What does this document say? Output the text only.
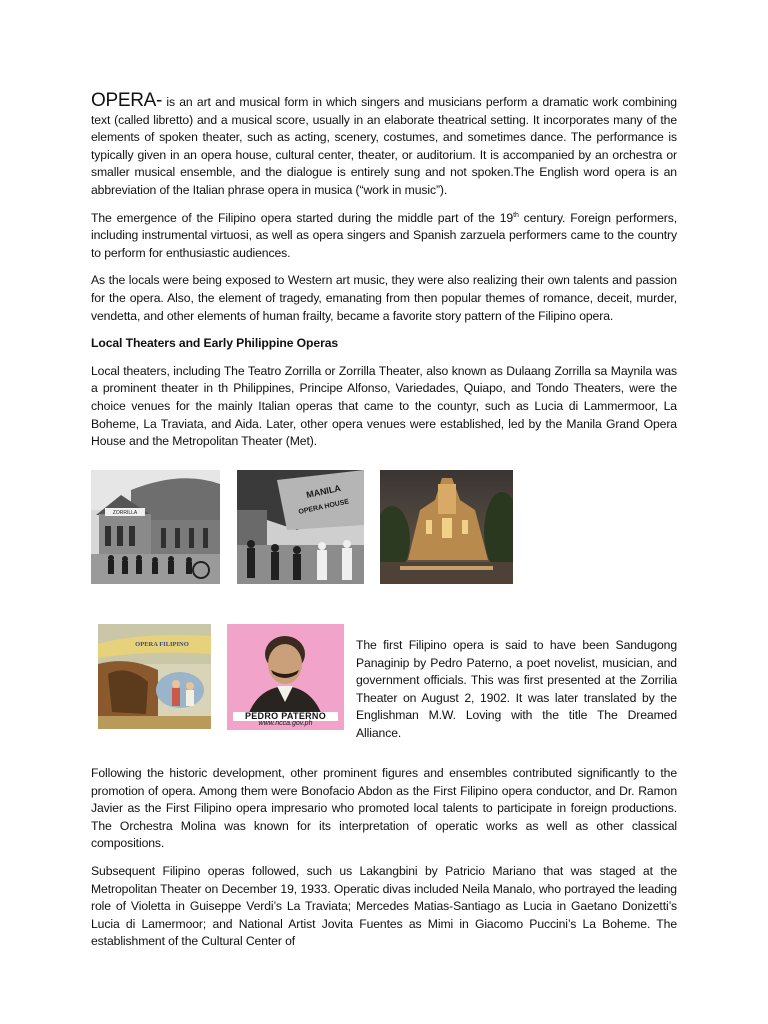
OPERA- is an art and musical form in which singers and musicians perform a dramatic work combining text (called libretto) and a musical score, usually in an elaborate theatrical setting. It incorporates many of the elements of spoken theater, such as acting, scenery, costumes, and sometimes dance. The performance is typically given in an opera house, cultural center, theater, or auditorium. It is accompanied by an orchestra or smaller musical ensemble, and the dialogue is entirely sung and not spoken.The English word opera is an abbreviation of the Italian phrase opera in musica (“work in music”).

The emergence of the Filipino opera started during the middle part of the 19th century. Foreign performers, including instrumental virtuosi, as well as opera singers and Spanish zarzuela performers came to the country to perform for enthusiastic audiences.

As the locals were being exposed to Western art music, they were also realizing their own talents and passion for the opera. Also, the element of tragedy, emanating from then popular themes of romance, deceit, murder, vendetta, and other elements of human frailty, became a favorite story pattern of the Filipino opera.

Local Theaters and Early Philippine Operas

Local theaters, including The Teatro Zorrilla or Zorrilla Theater, also known as Dulaang Zorrilla sa Maynila was a prominent theater in th Philippines, Principe Alfonso, Variedades, Quiapo, and Tondo Theaters, were the choice venues for the mainly Italian operas that came to the countyr, such as Lucia di Lammermoor, La Boheme, La Traviata, and Aida. Later, other opera venues were established, led by the Manila Grand Opera House and the Metropolitan Theater (Met).

ZORRILLA
MANILA
OPERA HOUSE
OPERA FILIPINO
PEDRO PATERNO
www.ncca.gov.ph
The first Filipino opera is said to have been Sandugong Panaginip by Pedro Paterno, a poet novelist, musician, and government officials. This was first presented at the Zorrilia Theater on August 2, 1902. It was later translated by the Englishman M.W. Loving with the title The Dreamed Alliance.

Following the historic development, other prominent figures and ensembles contributed significantly to the promotion of opera. Among them were Bonofacio Abdon as the First Filipino opera conductor, and Dr. Ramon Javier as the First Filipino opera impresario who promoted local talents to participate in foreign productions. The Orchestra Molina was known for its interpretation of operatic works as well as other classical compositions.

Subsequent Filipino operas followed, such us Lakangbini by Patricio Mariano that was staged at the Metropolitan Theater on December 19, 1933. Operatic divas included Neila Manalo, who portrayed the leading role of Violetta in Guiseppe Verdi’s La Traviata; Mercedes Matias-Santiago as Lucia in Gaetano Donizetti’s Lucia di Lamermoor; and National Artist Jovita Fuentes as Mimi in Giacomo Puccini’s La Boheme. The establishment of the Cultural Center of
